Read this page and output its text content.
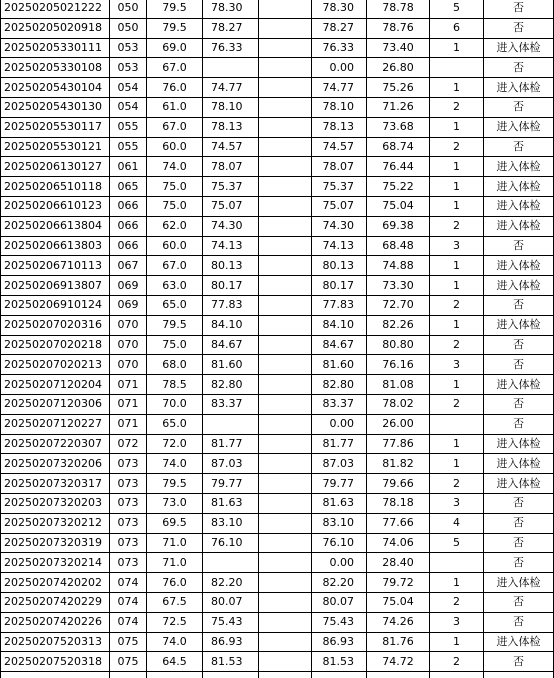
20250205021222	050	79.5	78.30		78.30	78.78	5	否
20250205020918	050	79.5	78.27		78.27	78.76	6	否
20250205330111	053	69.0	76.33		76.33	73.40	1	进入体检
20250205330108	053	67.0			0.00	26.80		否
20250205430104	054	76.0	74.77		74.77	75.26	1	进入体检
20250205430130	054	61.0	78.10		78.10	71.26	2	否
20250205530117	055	67.0	78.13		78.13	73.68	1	进入体检
20250205530121	055	60.0	74.57		74.57	68.74	2	否
20250206130127	061	74.0	78.07		78.07	76.44	1	进入体检
20250206510118	065	75.0	75.37		75.37	75.22	1	进入体检
20250206610123	066	75.0	75.07		75.07	75.04	1	进入体检
20250206613804	066	62.0	74.30		74.30	69.38	2	进入体检
20250206613803	066	60.0	74.13		74.13	68.48	3	否
20250206710113	067	67.0	80.13		80.13	74.88	1	进入体检
20250206913807	069	63.0	80.17		80.17	73.30	1	进入体检
20250206910124	069	65.0	77.83		77.83	72.70	2	否
20250207020316	070	79.5	84.10		84.10	82.26	1	进入体检
20250207020218	070	75.0	84.67		84.67	80.80	2	否
20250207020213	070	68.0	81.60		81.60	76.16	3	否
20250207120204	071	78.5	82.80		82.80	81.08	1	进入体检
20250207120306	071	70.0	83.37		83.37	78.02	2	否
20250207120227	071	65.0			0.00	26.00		否
20250207220307	072	72.0	81.77		81.77	77.86	1	进入体检
20250207320206	073	74.0	87.03		87.03	81.82	1	进入体检
20250207320317	073	79.5	79.77		79.77	79.66	2	进入体检
20250207320203	073	73.0	81.63		81.63	78.18	3	否
20250207320212	073	69.5	83.10		83.10	77.66	4	否
20250207320319	073	71.0	76.10		76.10	74.06	5	否
20250207320214	073	71.0			0.00	28.40		否
20250207420202	074	76.0	82.20		82.20	79.72	1	进入体检
20250207420229	074	67.5	80.07		80.07	75.04	2	否
20250207420226	074	72.5	75.43		75.43	74.26	3	否
20250207520313	075	74.0	86.93		86.93	81.76	1	进入体检
20250207520318	075	64.5	81.53		81.53	74.72	2	否
